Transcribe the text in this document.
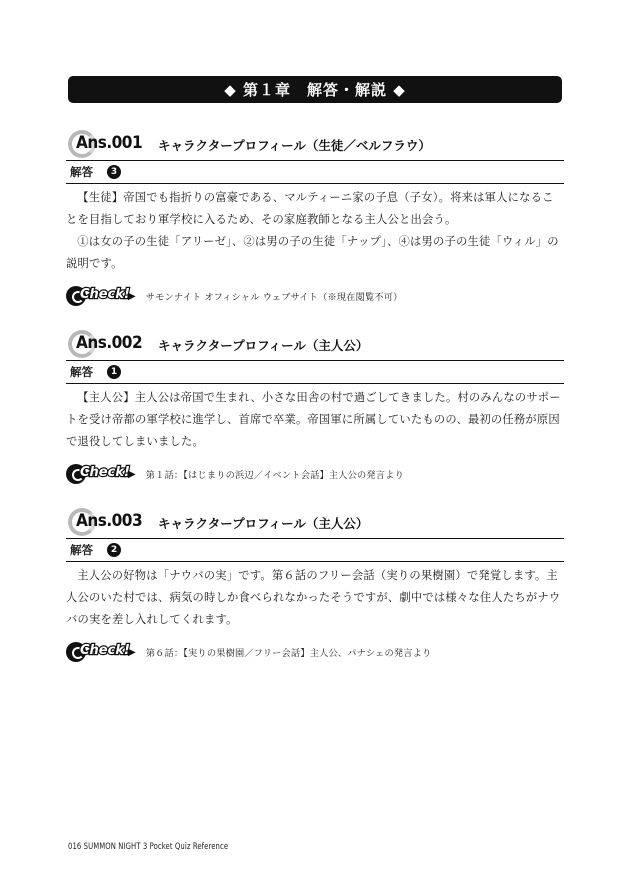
◆ 第１章　解答・解説 ◆
Ans.001 キャラクタープロフィール（生徒／ベルフラウ）
解答	3

【生徒】帝国でも指折りの富豪である、マルティーニ家の子息（子女）。将来は軍人になることを目指しており軍学校に入るため、その家庭教師となる主人公と出会う。

①は女の子の生徒「アリーゼ」、②は男の子の生徒「ナップ」、④は男の子の生徒「ウィル」の説明です。

Check!
▶ サモンナイト オフィシャル ウェブサイト（※現在閲覧不可）
Ans.002 キャラクタープロフィール（主人公）
解答	1

【主人公】主人公は帝国で生まれ、小さな田舎の村で過ごしてきました。村のみんなのサポートを受け帝都の軍学校に進学し、首席で卒業。帝国軍に所属していたものの、最初の任務が原因で退役してしまいました。

Check!
▶ 第１話：【はじまりの浜辺／イベント会話】主人公の発言より
Ans.003 キャラクタープロフィール（主人公）
解答	2

主人公の好物は「ナウバの実」です。第６話のフリー会話（実りの果樹園）で発覚します。主人公のいた村では、病気の時しか食べられなかったそうですが、劇中では様々な住人たちがナウバの実を差し入れしてくれます。

Check!
▶ 第６話：【実りの果樹園／フリー会話】主人公、パナシェの発言より
016 SUMMON NIGHT 3 Pocket Quiz Reference
